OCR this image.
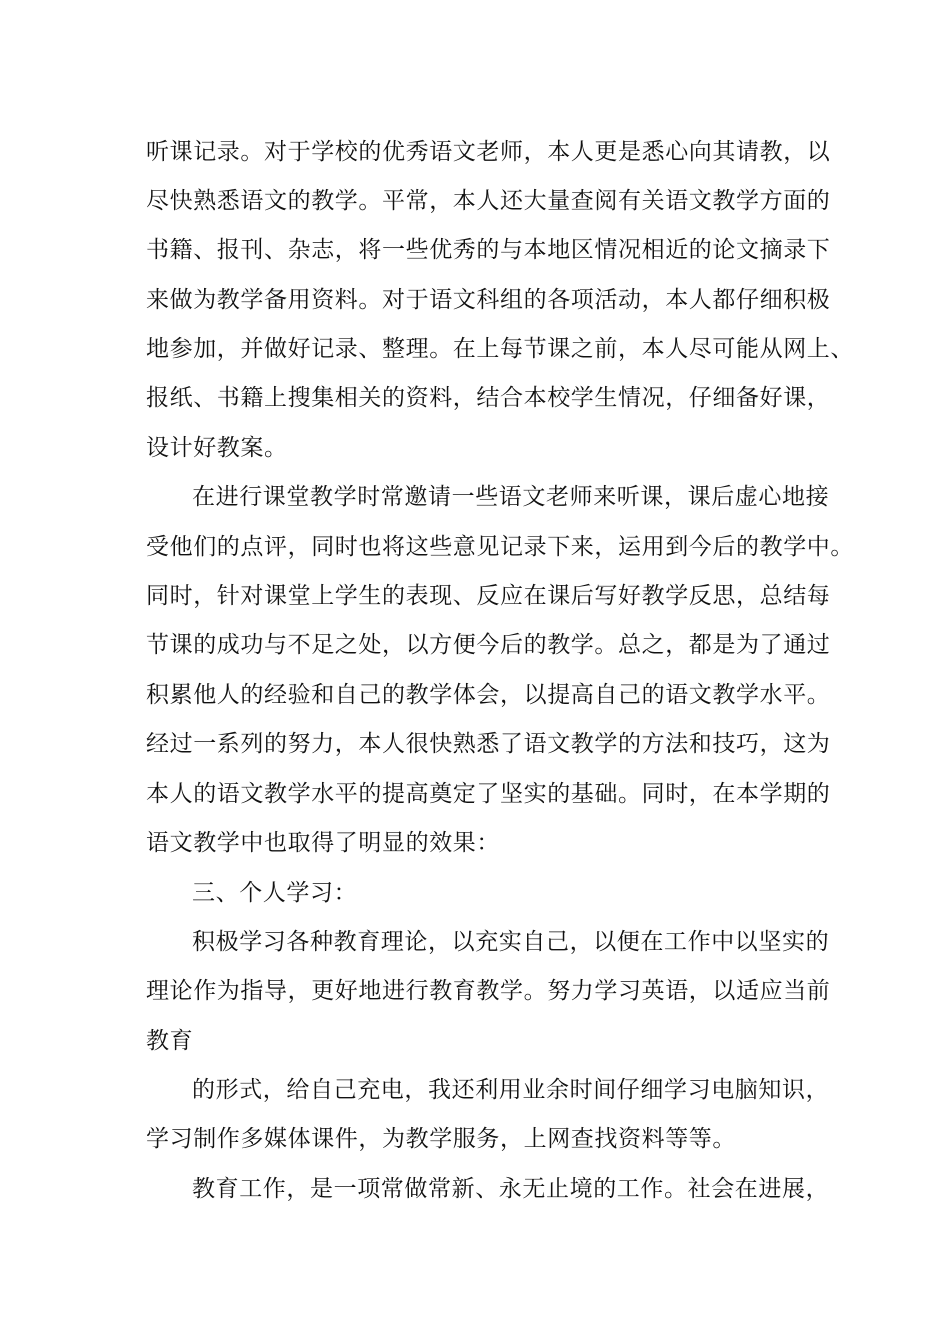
听课记录。对于学校的优秀语文老师，本人更是悉心向其请教，以
尽快熟悉语文的教学。平常，本人还大量查阅有关语文教学方面的
书籍、报刊、杂志，将一些优秀的与本地区情况相近的论文摘录下
来做为教学备用资料。对于语文科组的各项活动，本人都仔细积极
地参加，并做好记录、整理。在上每节课之前，本人尽可能从网上、
报纸、书籍上搜集相关的资料，结合本校学生情况，仔细备好课，
设计好教案。
在进行课堂教学时常邀请一些语文老师来听课，课后虚心地接
受他们的点评，同时也将这些意见记录下来，运用到今后的教学中。
同时，针对课堂上学生的表现、反应在课后写好教学反思，总结每
节课的成功与不足之处，以方便今后的教学。总之，都是为了通过
积累他人的经验和自己的教学体会，以提高自己的语文教学水平。
经过一系列的努力，本人很快熟悉了语文教学的方法和技巧，这为
本人的语文教学水平的提高奠定了坚实的基础。同时，在本学期的
语文教学中也取得了明显的效果：
三、个人学习：
积极学习各种教育理论，以充实自己，以便在工作中以坚实的
理论作为指导，更好地进行教育教学。努力学习英语，以适应当前
教育
的形式，给自己充电，我还利用业余时间仔细学习电脑知识，
学习制作多媒体课件，为教学服务，上网查找资料等等。
教育工作，是一项常做常新、永无止境的工作。社会在进展，
